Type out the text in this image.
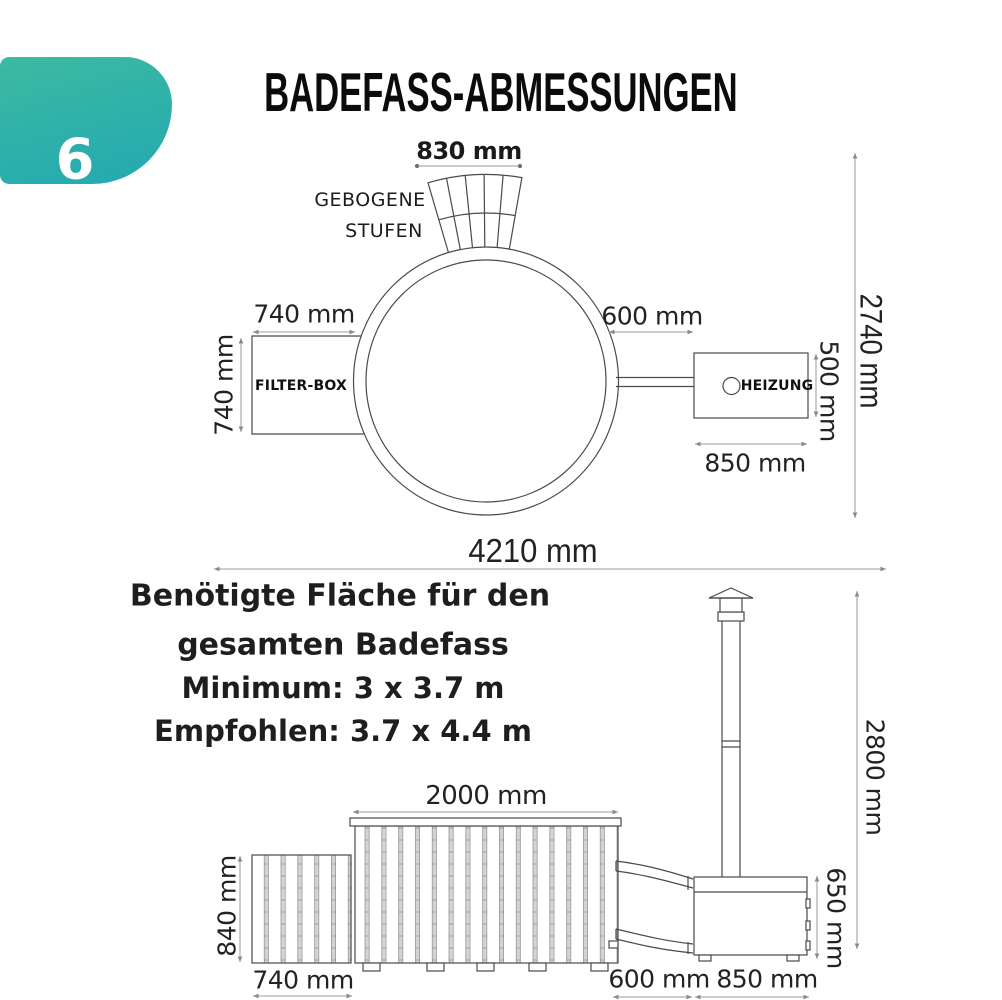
6
Personen
BADEFASS-ABMESSUNGEN
830 mm
GEBOGENE
STUFEN
740 mm
740 mm FILTER-BOX
600 mm
HEIZUNG 500 mm
850 mm
2740 mm
4210 mm
Benötigte Fläche für den
gesamten Badefass
Minimum: 3 x 3.7 m
Empfohlen: 3.7 x 4.4 m
2000 mm
840 mm
740 mm	600 mm 850 mm
650 mm
2800 mm
